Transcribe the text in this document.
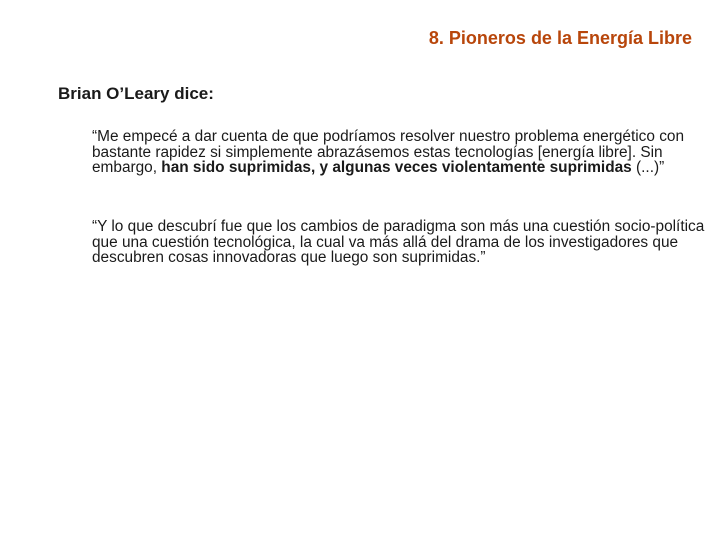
8. Pioneros de la Energía Libre
Brian O’Leary dice:

“Me empecé a dar cuenta de que podríamos resolver nuestro problema energético con bastante rapidez si simplemente abrazásemos estas tecnologías [energía libre]. Sin embargo, han sido suprimidas, y algunas veces violentamente suprimidas (...)”

“Y lo que descubrí fue que los cambios de paradigma son más una cuestión socio-política que una cuestión tecnológica, la cual va más allá del drama de los investigadores que descubren cosas innovadoras que luego son suprimidas.”
